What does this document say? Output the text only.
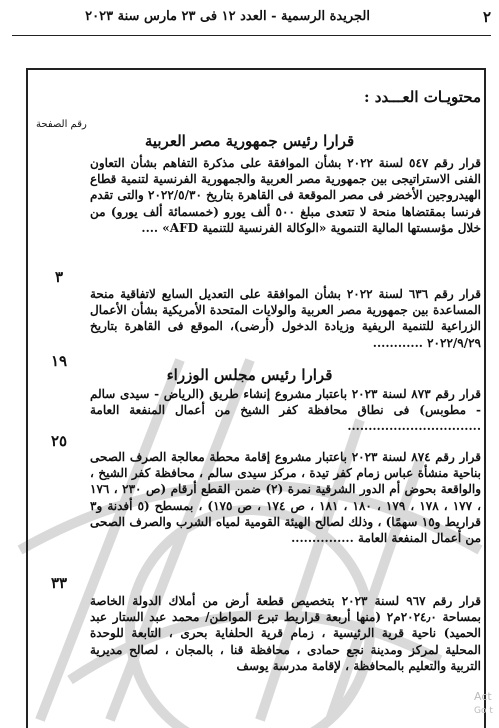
٢
الجريدة الرسمية - العدد ١٢ فى ٢٣ مارس سنة ٢٠٢٣
محتويـات العـــدد :
رقم الصفحة
قرارا رئيس جمهورية مصر العربية
قرار رقم ٥٤٧ لسنة ٢٠٢٢ بشأن الموافقة على مذكرة التفاهم بشأن التعاون الفنى الاستراتيجى بين جمهورية مصر العربية والجمهورية الفرنسية لتنمية قطاع الهيدروجين الأخضر فى مصر الموقعة فى القاهرة بتاريخ ٢٠٢٢/٥/٣٠ والتى تقدم فرنسا بمقتضاها منحة لا تتعدى مبلغ ٥٠٠ ألف يورو (خمسمائة ألف يورو) من خلال مؤسستها المالية التنموية «الوكالة الفرنسية للتنمية AFD» ....
٣
قرار رقم ٦٣٦ لسنة ٢٠٢٢ بشأن الموافقة على التعديل السابع لاتفاقية منحة المساعدة بين جمهورية مصر العربية والولايات المتحدة الأمريكية بشأن الأعمال الزراعية للتنمية الريفية وزيادة الدخول (أرضى)، الموقع فى القاهرة بتاريخ ٢٠٢٢/٩/٢٩ ............
١٩
قرارا رئيس مجلس الوزراء
قرار رقم ٨٧٣ لسنة ٢٠٢٣ باعتبار مشروع إنشاء طريق (الرياض - سيدى سالم - مطوبس) فى نطاق محافظة كفر الشيخ من أعمال المنفعة العامة ................................
٢٥
قرار رقم ٨٧٤ لسنة ٢٠٢٣ باعتبار مشروع إقامة محطة معالجة الصرف الصحى بناحية منشأة عباس زمام كفر تيدة ، مركز سيدى سالم ، محافظة كفر الشيخ ، والواقعة بحوض أم الدور الشرقية نمرة (٢) ضمن القطع أرقام (ص ٢٣٠ ، ١٧٦ ، ١٧٧ ، ١٧٨ ، ١٧٩ ، ١٨٠ ، ١٨١ ، ص ١٧٤ ، ص ١٧٥) ، بمسطح (٥ أفدنة و٣ قراريط و١٥ سهمًا) ، وذلك لصالح الهيئة القومية لمياه الشرب والصرف الصحى من أعمال المنفعة العامة ...............
٣٣
قرار رقم ٩٦٧ لسنة ٢٠٢٣ بتخصيص قطعة أرض من أملاك الدولة الخاصة بمساحة ٢٠٢٤٫٠م٢ (منها أربعة قراريط تبرع المواطن/ محمد عبد الستار عبد الحميد) ناحية قرية الرئيسية ، زمام قرية الحلفاية بحرى ، التابعة للوحدة المحلية لمركز ومدينة نجع حمادى ، محافظة قنا ، بالمجان ، لصالح مديرية التربية والتعليم بالمحافظة ، لإقامة مدرسة يوسف
Act
Go t
